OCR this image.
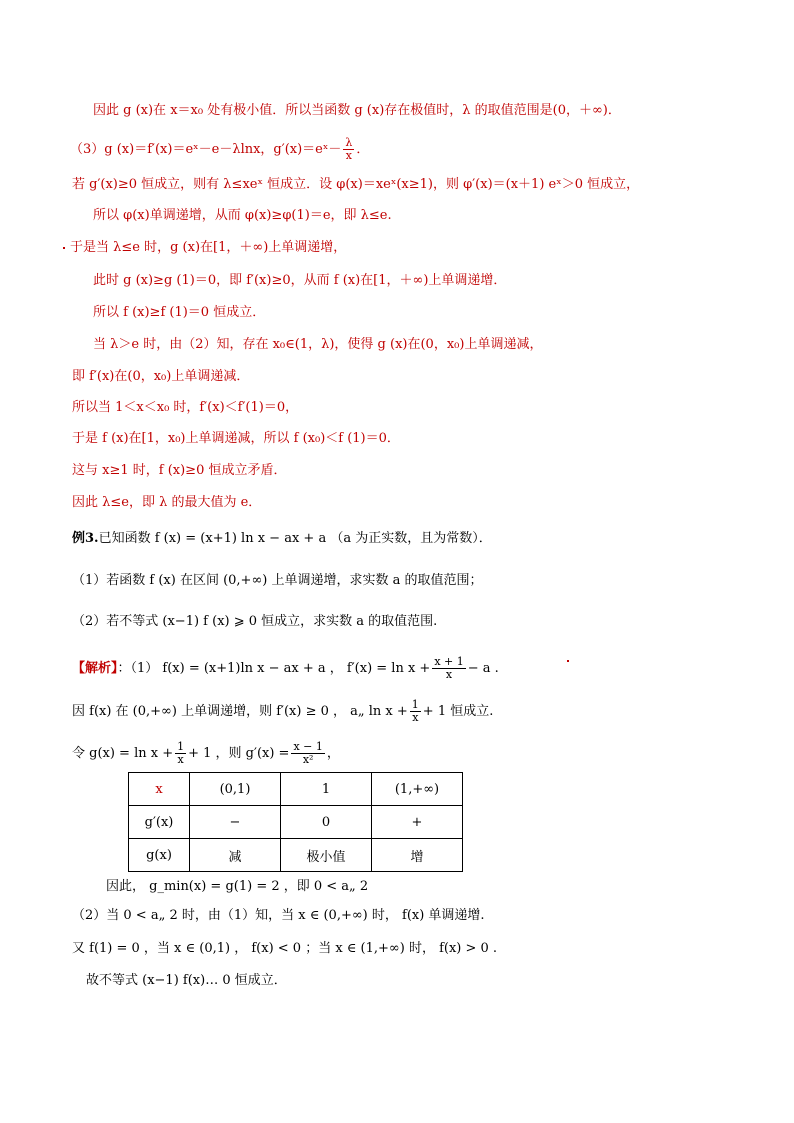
因此 g (x)在 x＝x₀ 处有极小值．所以当函数 g (x)存在极值时，λ 的取值范围是(0，＋∞)．
（3）g (x)＝f′(x)＝eˣ－e－λlnx，g′(x)＝eˣ－ $\frac{\lambda}{x}$ ．
若 g′(x)≥0 恒成立，则有 λ≤xeˣ 恒成立．设 φ(x)＝xeˣ(x≥1)，则 φ′(x)＝(x＋1) eˣ＞0 恒成立，
所以 φ(x)单调递增，从而 φ(x)≥φ(1)＝e，即 λ≤e.
于是当 λ≤e 时，g (x)在[1，＋∞)上单调递增，
此时 g (x)≥g (1)＝0，即 f′(x)≥0，从而 f (x)在[1，＋∞)上单调递增．
所以 f (x)≥f (1)＝0 恒成立．
当 λ＞e 时，由（2）知，存在 x₀∈(1，λ)，使得 g (x)在(0，x₀)上单调递减，
即 f′(x)在(0，x₀)上单调递减．
所以当 1＜x＜x₀ 时，f′(x)＜f′(1)＝0，
于是 f (x)在[1，x₀)上单调递减，所以 f (x₀)＜f (1)＝0．
这与 x≥1 时，f (x)≥0 恒成立矛盾．
因此 λ≤e，即 λ 的最大值为 e．
例3.已知函数 f (x) = (x+1) ln x − ax + a （a 为正实数，且为常数）．
（1）若函数 f (x) 在区间 (0,+∞) 上单调递增，求实数 a 的取值范围；
（2）若不等式 (x−1) f (x) ⩾ 0 恒成立，求实数 a 的取值范围.
【解析】：（1） f(x) = (x+1)ln x − ax + a ， $f'(x) = \ln x + \frac{x + 1}{x} - a$ .
因 f(x) 在 (0,+∞) 上单调递增，则 f′(x) ≥ 0 ， a„ $\ln x + \frac{1}{x} + 1$ 恒成立.
令 $g(x) = \ln x + \frac{1}{x} + 1$ ，则 $g'(x) = \frac{x - 1}{\text{x²}}$ ，
x	(0,1)	1	(1,+∞)
g′(x)	−	0	+
g(x)	减	极小值	增
因此， g_min(x) = g(1) = 2 ，即 0 < a„ 2
（2）当 0 < a„ 2 时，由（1）知，当 x ∈ (0,+∞) 时， f(x) 单调递增.
又 f(1) = 0 ，当 x ∈ (0,1) ， f(x) < 0 ；当 x ∈ (1,+∞) 时， f(x) > 0 .
故不等式 (x−1) f(x)… 0 恒成立．
